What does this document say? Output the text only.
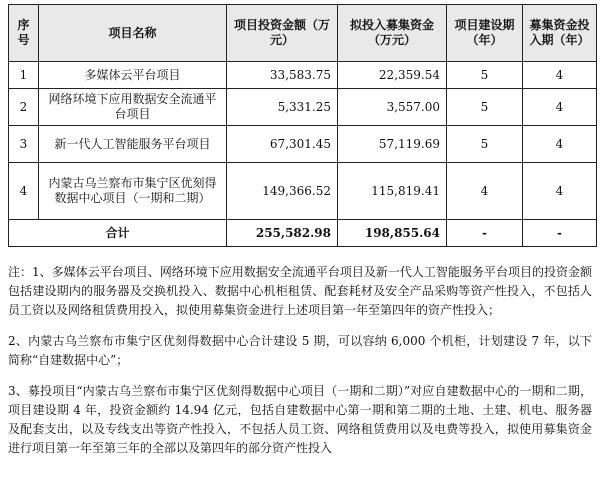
序号	项目名称	项目投资金额（万元）	拟投入募集资金（万元）	项目建设期（年）	募集资金投入期（年）
1	多媒体云平台项目	33,583.75	22,359.54	5	4
2	网络环境下应用数据安全流通平台项目	5,331.25	3,557.00	5	4
3	新一代人工智能服务平台项目	67,301.45	57,119.69	5	4
4	内蒙古乌兰察布市集宁区优刻得数据中心项目（一期和二期）	149,366.52	115,819.41	4	4
合计		255,582.98	198,855.64	-	-

注：1、多媒体云平台项目、网络环境下应用数据安全流通平台项目及新一代人工智能服务平台项目的投资金额包括建设期内的服务器及交换机投入、数据中心机柜租赁、配套耗材及安全产品采购等资产性投入，不包括人员工资以及网络租赁费用投入，拟使用募集资金进行上述项目第一年至第四年的资产性投入；

2、内蒙古乌兰察布市集宁区优刻得数据中心合计建设 5 期，可以容纳 6,000 个机柜，计划建设 7 年，以下简称“自建数据中心”；

3、募投项目“内蒙古乌兰察布市集宁区优刻得数据中心项目（一期和二期）”对应自建数据中心的一期和二期，项目建设期 4 年，投资金额约 14.94 亿元，包括自建数据中心第一期和第二期的土地、土建、机电、服务器及配套支出，以及专线支出等资产性投入，不包括人员工资、网络租赁费用以及电费等投入，拟使用募集资金进行项目第一年至第三年的全部以及第四年的部分资产性投入
